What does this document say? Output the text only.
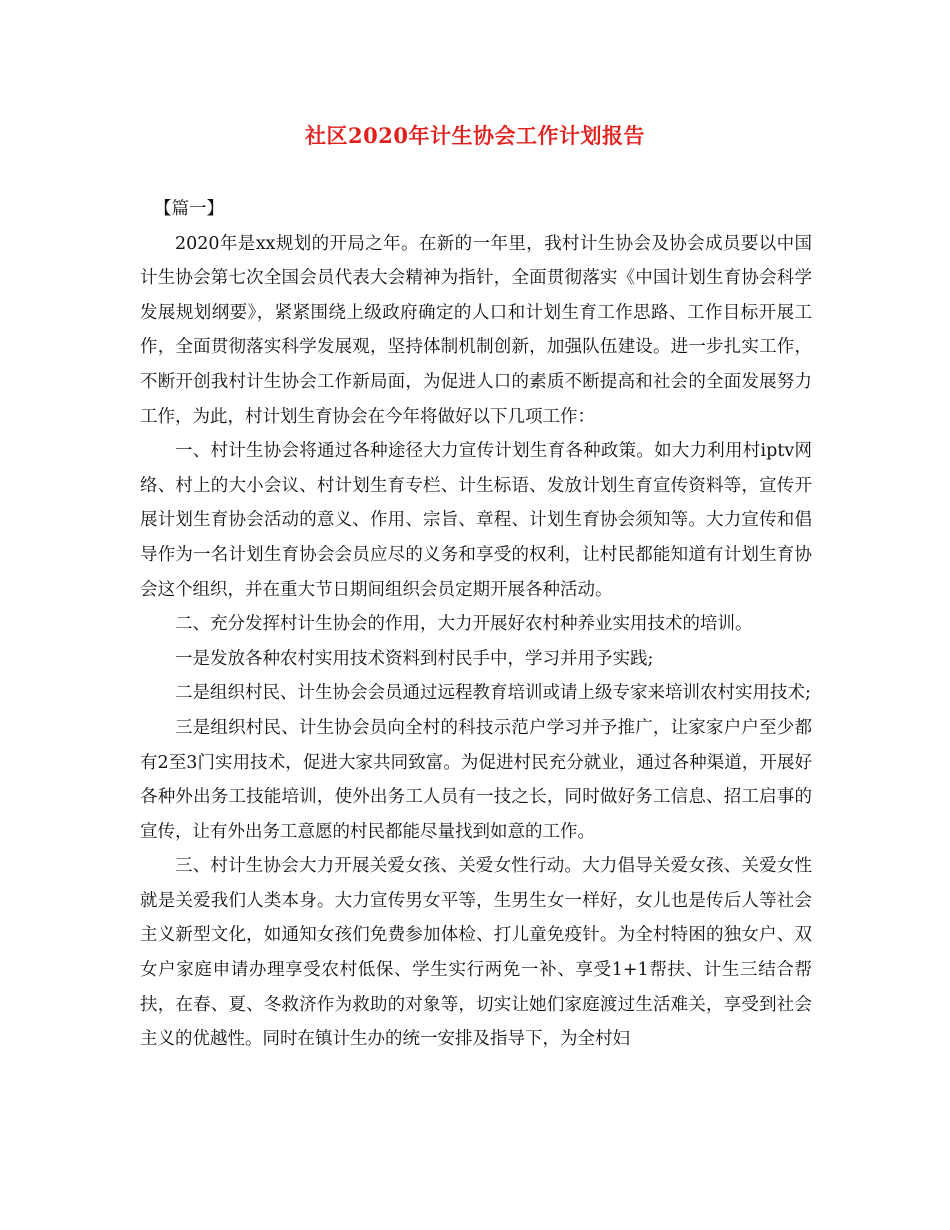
社区2020年计生协会工作计划报告

【篇一】

2020年是xx规划的开局之年。在新的一年里，我村计生协会及协会成员要以中国计生协会第七次全国会员代表大会精神为指针，全面贯彻落实《中国计划生育协会科学发展规划纲要》，紧紧围绕上级政府确定的人口和计划生育工作思路、工作目标开展工作，全面贯彻落实科学发展观，坚持体制机制创新，加强队伍建设。进一步扎实工作，不断开创我村计生协会工作新局面，为促进人口的素质不断提高和社会的全面发展努力工作，为此，村计划生育协会在今年将做好以下几项工作：

一、村计生协会将通过各种途径大力宣传计划生育各种政策。如大力利用村iptv网络、村上的大小会议、村计划生育专栏、计生标语、发放计划生育宣传资料等，宣传开展计划生育协会活动的意义、作用、宗旨、章程、计划生育协会须知等。大力宣传和倡导作为一名计划生育协会会员应尽的义务和享受的权利，让村民都能知道有计划生育协会这个组织，并在重大节日期间组织会员定期开展各种活动。

二、充分发挥村计生协会的作用，大力开展好农村种养业实用技术的培训。

一是发放各种农村实用技术资料到村民手中，学习并用予实践;

二是组织村民、计生协会会员通过远程教育培训或请上级专家来培训农村实用技术;

三是组织村民、计生协会员向全村的科技示范户学习并予推广，让家家户户至少都有2至3门实用技术，促进大家共同致富。为促进村民充分就业，通过各种渠道，开展好各种外出务工技能培训，使外出务工人员有一技之长，同时做好务工信息、招工启事的宣传，让有外出务工意愿的村民都能尽量找到如意的工作。

三、村计生协会大力开展关爱女孩、关爱女性行动。大力倡导关爱女孩、关爱女性就是关爱我们人类本身。大力宣传男女平等，生男生女一样好，女儿也是传后人等社会主义新型文化，如通知女孩们免费参加体检、打儿童免疫针。为全村特困的独女户、双女户家庭申请办理享受农村低保、学生实行两免一补、享受1+1帮扶、计生三结合帮扶，在春、夏、冬救济作为救助的对象等，切实让她们家庭渡过生活难关，享受到社会主义的优越性。同时在镇计生办的统一安排及指导下，为全村妇
